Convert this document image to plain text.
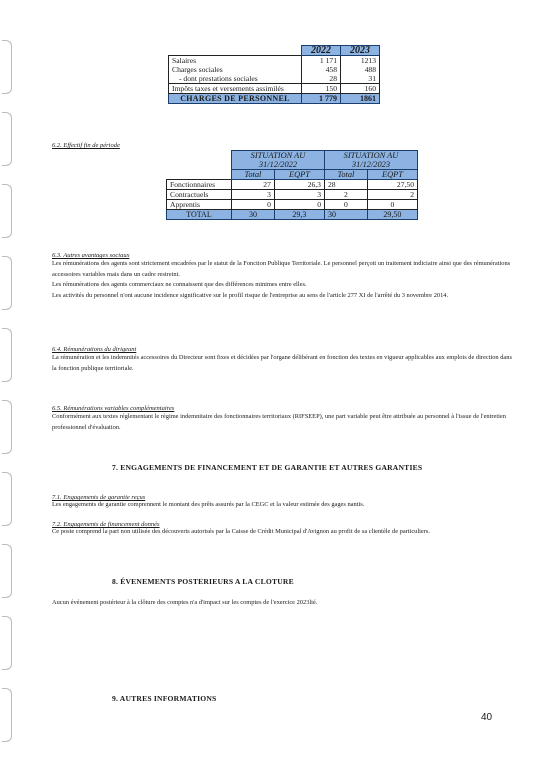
	2022	2023
Salaires	1 171	1213
Charges sociales	458	488
- dont prestations sociales	28	31
Impôts taxes et versements assimilés	150	160
CHARGES DE PERSONNEL	1 779	1861
6.2. Effectif fin de période
	SITUATION AU 31/12/2022		SITUATION AU 31/12/2023	
	Total	EQPT	Total	EQPT
Fonctionnaires	27	26,3	28	27,50
Contractuels	3	3	2	2
Apprentis	0	0	0	0
TOTAL	30	29,3	30	29,50
6.3. Autres avantages sociaux

Les rémunérations des agents sont strictement encadrées par le statut de la Fonction Publique Territoriale. Le personnel perçoit un traitement indiciaire ainsi que des rémunérations accessoires variables mais dans un cadre restreint.

Les rémunérations des agents commerciaux ne connaissent que des différences minimes entre elles.

Les activités du personnel n'ont aucune incidence significative sur le profil risque de l'entreprise au sens de l'article 277 XI de l'arrêté du 3 novembre 2014.

6.4. Rémunérations du dirigeant

La rémunération et les indemnités accessoires du Directeur sont fixes et décidées par l'organe délibérant en fonction des textes en vigueur applicables aux emplois de direction dans la fonction publique territoriale.

6.5. Rémunérations variables complémentaires

Conformément aux textes réglementant le régime indemnitaire des fonctionnaires territoriaux (RIFSEEP), une part variable peut être attribuée au personnel à l'issue de l'entretien professionnel d'évaluation.

7. ENGAGEMENTS DE FINANCEMENT ET DE GARANTIE ET AUTRES GARANTIES
7.1. Engagements de garantie reçus

Les engagements de garantie comprennent le montant des prêts assurés par la CEGC et la valeur estimée des gages nantis.

7.2. Engagements de financement donnés

Ce poste comprend la part non utilisée des découverts autorisés par la Caisse de Crédit Municipal d'Avignon au profit de sa clientèle de particuliers.

8. ÉVENEMENTS POSTERIEURS A LA CLOTURE

Aucun événement postérieur à la clôture des comptes n'a d'impact sur les comptes de l'exercice 2023lié.

9. AUTRES INFORMATIONS
40
